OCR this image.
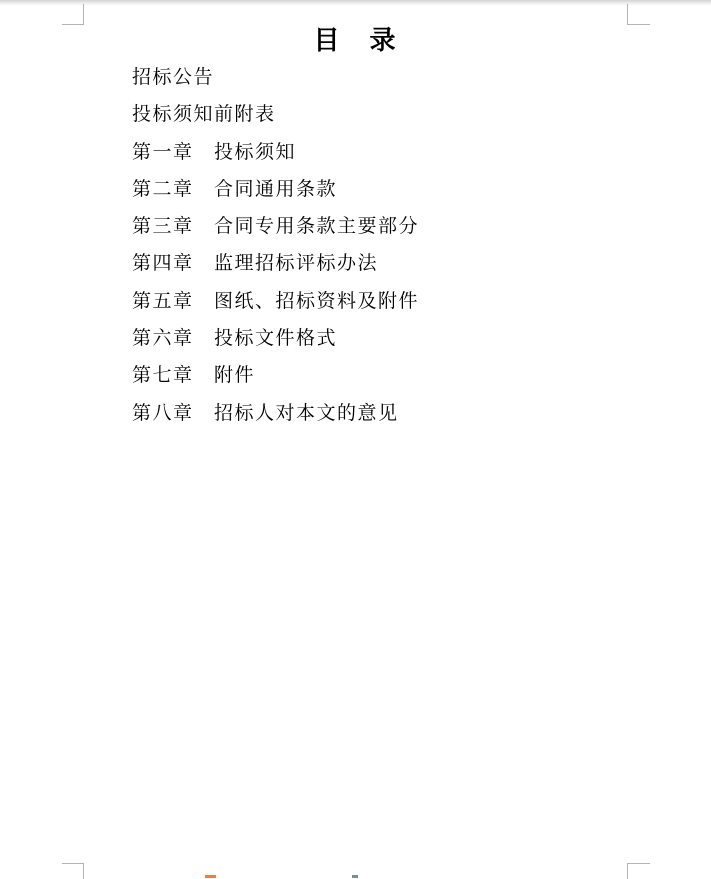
目　录
招标公告
投标须知前附表
第一章　投标须知
第二章　合同通用条款
第三章　合同专用条款主要部分
第四章　监理招标评标办法
第五章　图纸、招标资料及附件
第六章　投标文件格式
第七章　附件
第八章　招标人对本文的意见
